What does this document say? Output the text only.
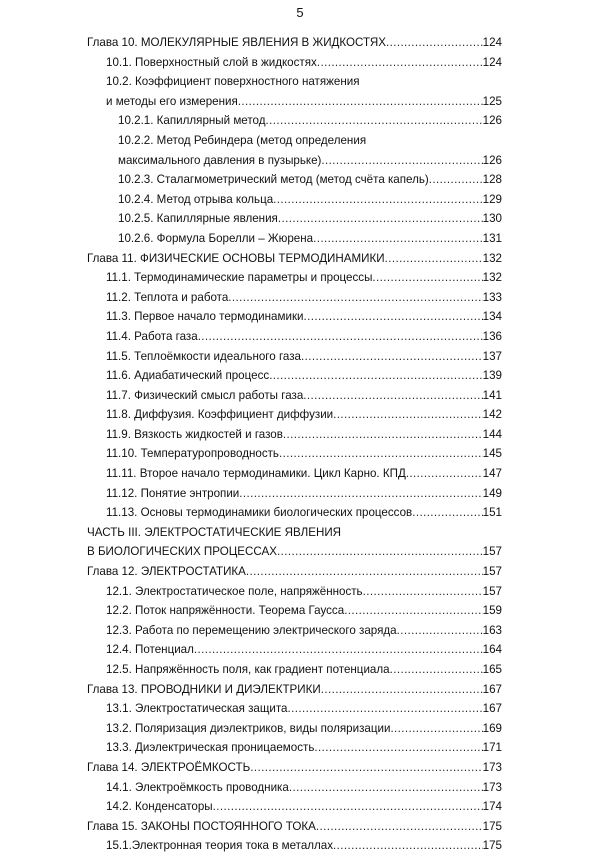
5
Глава 10. МОЛЕКУЛЯРНЫЕ ЯВЛЕНИЯ В ЖИДКОСТЯХ .....	124
10.1. Поверхностный слой в жидкостях .....	124
10.2. Коэффициент поверхностного натяжения
и методы его измерения .....	125
10.2.1. Капиллярный метод .....	126
10.2.2. Метод Ребиндера (метод определения
максимального давления в пузырьке) .....	126
10.2.3. Сталагмометрический метод (метод счёта капель) .....	128
10.2.4. Метод отрыва кольца .....	129
10.2.5. Капиллярные явления .....	130
10.2.6. Формула Борелли – Жюрена .....	131
Глава 11. ФИЗИЧЕСКИЕ ОСНОВЫ ТЕРМОДИНАМИКИ .....	132
11.1. Термодинамические параметры и процессы .....	132
11.2. Теплота и работа .....	133
11.3. Первое начало термодинамики .....	134
11.4. Работа газа .....	136
11.5. Теплоёмкости идеального газа .....	137
11.6. Адиабатический процесс .....	139
11.7. Физический смысл работы газа .....	141
11.8. Диффузия. Коэффициент диффузии .....	142
11.9. Вязкость жидкостей и газов .....	144
11.10. Температуропроводность .....	145
11.11. Второе начало термодинамики. Цикл Карно. КПД .....	147
11.12. Понятие энтропии .....	149
11.13. Основы термодинамики биологических процессов .....	151
ЧАСТЬ III. ЭЛЕКТРОСТАТИЧЕСКИЕ ЯВЛЕНИЯ
В БИОЛОГИЧЕСКИХ ПРОЦЕССАХ .....	157
Глава 12. ЭЛЕКТРОСТАТИКА .....	157
12.1. Электростатическое поле, напряжённость .....	157
12.2. Поток напряжённости. Теорема Гаусса .....	159
12.3. Работа по перемещению электрического заряда .....	163
12.4. Потенциал .....	164
12.5. Напряжённость поля, как градиент потенциала .....	165
Глава 13. ПРОВОДНИКИ И ДИЭЛЕКТРИКИ .....	167
13.1. Электростатическая защита .....	167
13.2. Поляризация диэлектриков, виды поляризации .....	169
13.3. Диэлектрическая проницаемость .....	171
Глава 14. ЭЛЕКТРОЁМКОСТЬ .....	173
14.1. Электроёмкость проводника .....	173
14.2. Конденсаторы .....	174
Глава 15. ЗАКОНЫ ПОСТОЯННОГО ТОКА .....	175
15.1.Электронная теория тока в металлах .....	175
